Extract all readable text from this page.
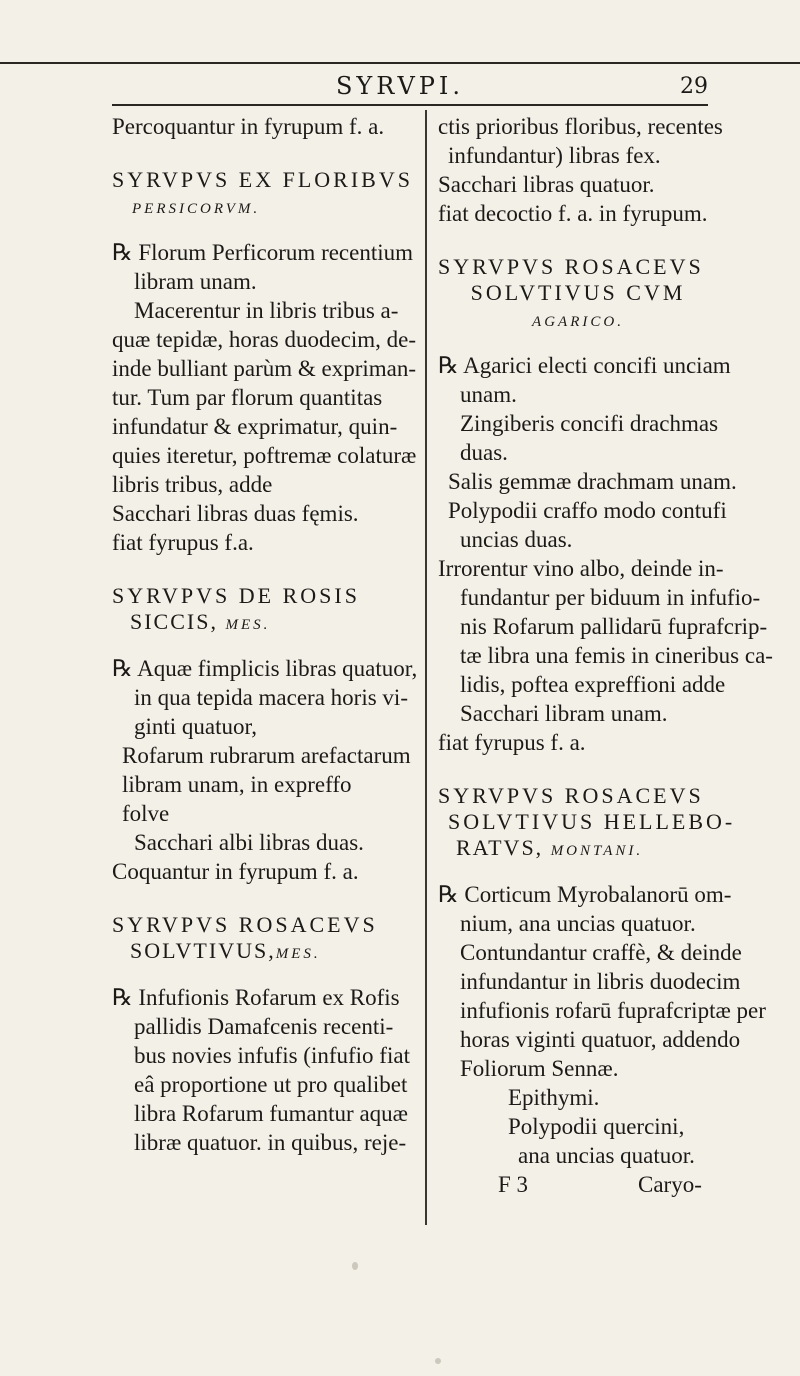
SYRVPI.	29
Percoquantur in fyrupum f. a.
SYRVPVS EX FLORIBVS
PERSICORVM.
℞ Florum Perficorum recentium
libram unam.
Macerentur in libris tribus a-
quæ tepidæ, horas duodecim, de-
inde bulliant parùm & expriman-
tur. Tum par florum quantitas
infundatur & exprimatur, quin-
quies iteretur, poftremæ colaturæ
libris tribus, adde
Sacchari libras duas fęmis.
fiat fyrupus f.a.
SYRVPVS DE ROSIS
SICCIS, MES.
℞ Aquæ fimplicis libras quatuor,
in qua tepida macera horis vi-
ginti quatuor,
Rofarum rubrarum arefactarum
libram unam, in expreffo
folve
Sacchari albi libras duas.
Coquantur in fyrupum f. a.
SYRVPVS ROSACEVS
SOLVTIVUS,MES.
℞ Infufionis Rofarum ex Rofis
pallidis Damafcenis recenti-
bus novies infufis (infufio fiat
eâ proportione ut pro qualibet
libra Rofarum fumantur aquæ
libræ quatuor. in quibus, reje-
ctis prioribus floribus, recentes
infundantur) libras fex.
Sacchari libras quatuor.
fiat decoctio f. a. in fyrupum.
SYRVPVS ROSACEVS
SOLVTIVUS CVM
AGARICO.
℞ Agarici electi concifi unciam
unam.
Zingiberis concifi drachmas
duas.
Salis gemmæ drachmam unam.
Polypodii craffo modo contufi
uncias duas.
Irrorentur vino albo, deinde in-
fundantur per biduum in infufio-
nis Rofarum pallidarū fuprafcrip-
tæ libra una femis in cineribus ca-
lidis, poftea expreffioni adde
Sacchari libram unam.
fiat fyrupus f. a.
SYRVPVS ROSACEVS
SOLVTIVUS HELLEBO-
RATVS, MONTANI.
℞ Corticum Myrobalanorū om-
nium, ana uncias quatuor.
Contundantur craffè, & deinde
infundantur in libris duodecim
infufionis rofarū fuprafcriptæ per
horas viginti quatuor, addendo
Foliorum Sennæ.
Epithymi.
Polypodii quercini,
ana uncias quatuor.
F 3	Caryo-
